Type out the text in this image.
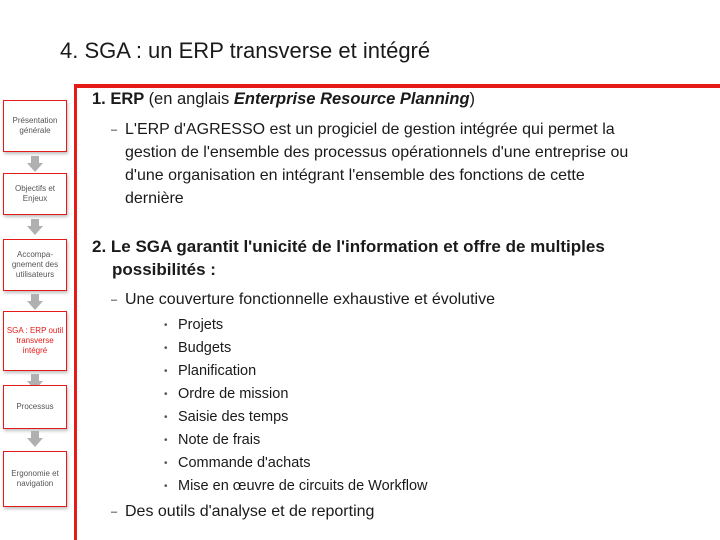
4. SGA : un ERP transverse et intégré
Présentation générale
Objectifs et Enjeux
Accompa-gnement des utilisateurs
SGA : ERP outil transverse intégré
Processus
Ergonomie et navigation
1. ERP (en anglais Enterprise Resource Planning)
– L'ERP d'AGRESSO est un progiciel de gestion intégrée qui permet la
gestion de l'ensemble des processus opérationnels d'une entreprise ou
d'une organisation en intégrant l'ensemble des fonctions de cette
dernière
2. Le SGA garantit l'unicité de l'information et offre de multiples
possibilités :
– Une couverture fonctionnelle exhaustive et évolutive
• Projets
• Budgets
• Planification
• Ordre de mission
• Saisie des temps
• Note de frais
• Commande d'achats
• Mise en œuvre de circuits de Workflow
– Des outils d'analyse et de reporting
